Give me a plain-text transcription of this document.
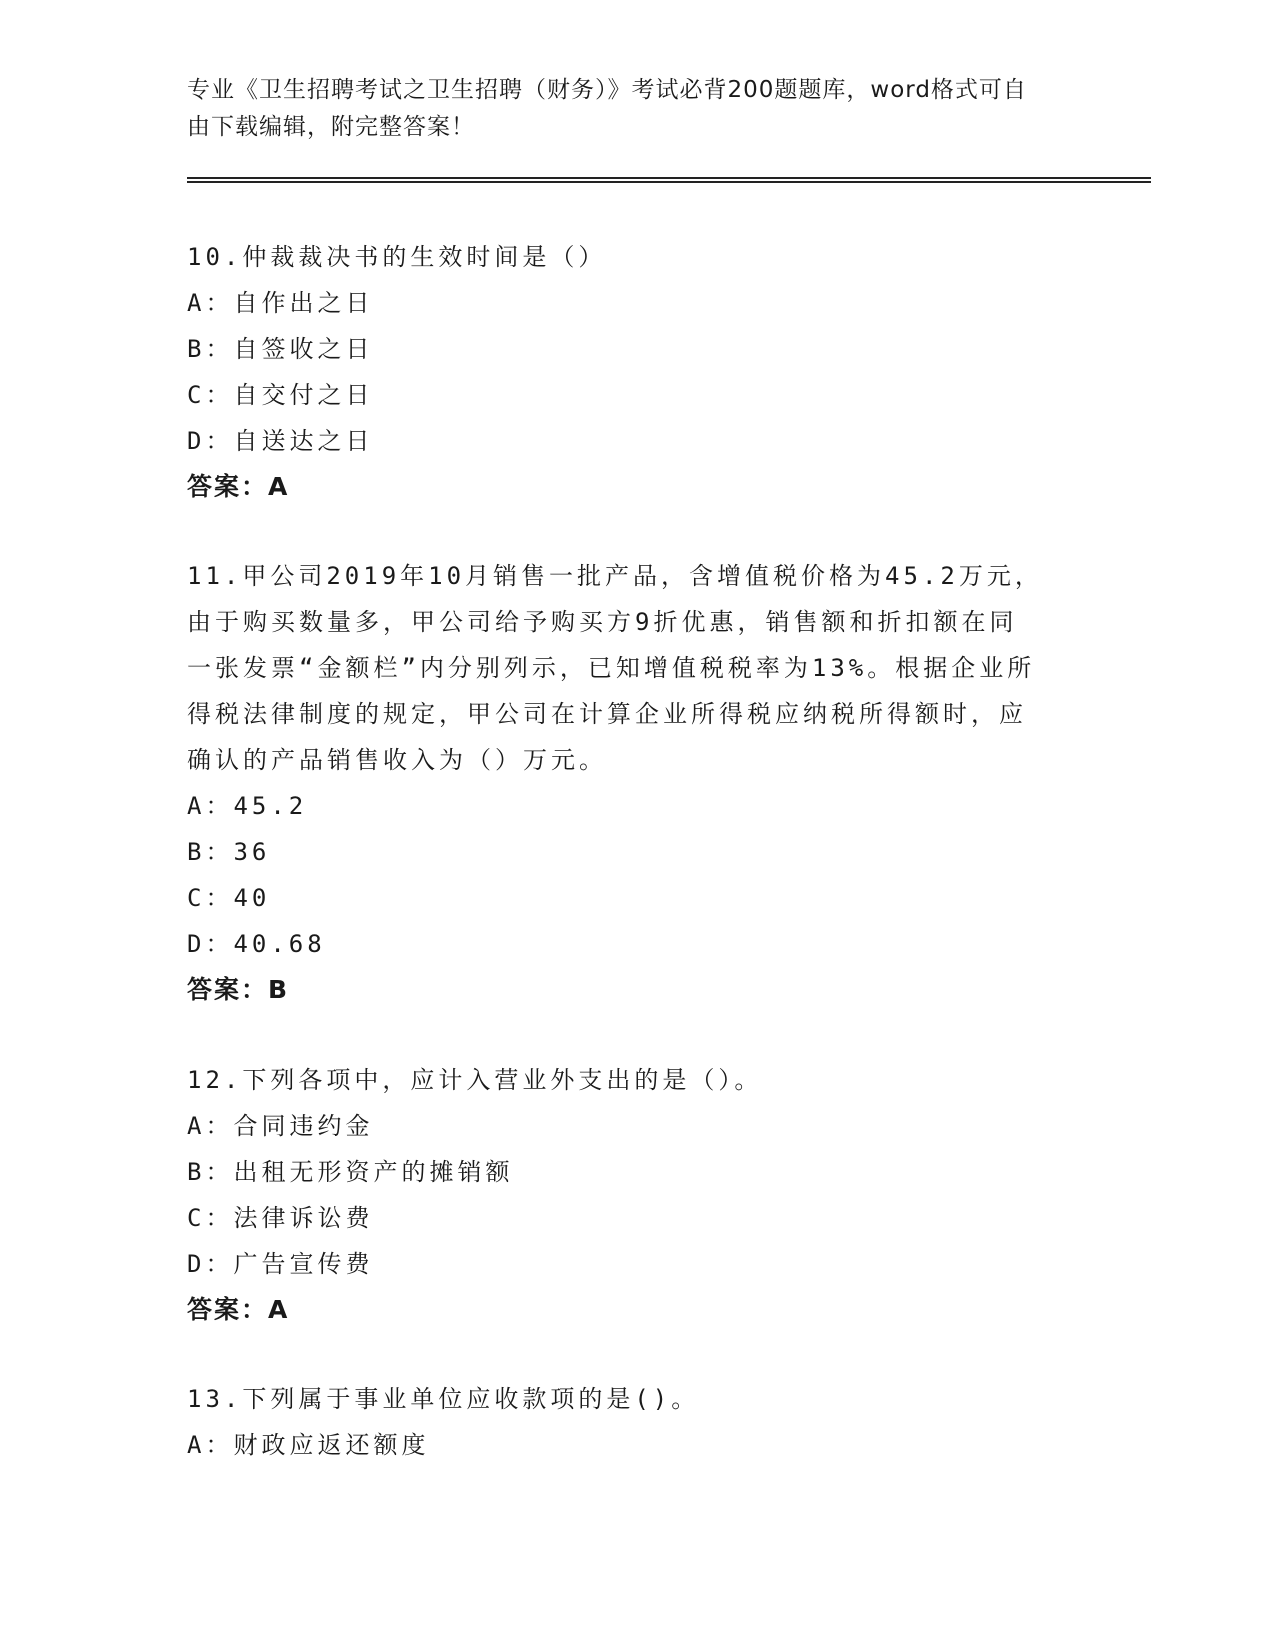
专业《卫生招聘考试之卫生招聘（财务）》考试必背200题题库，word格式可自
由下载编辑，附完整答案！
10.仲裁裁决书的生效时间是（）
A：自作出之日
B：自签收之日
C：自交付之日
D：自送达之日
答案：A
11.甲公司2019年10月销售一批产品，含增值税价格为45.2万元，
由于购买数量多，甲公司给予购买方9折优惠，销售额和折扣额在同
一张发票“金额栏”内分别列示，已知增值税税率为13%。根据企业所
得税法律制度的规定，甲公司在计算企业所得税应纳税所得额时，应
确认的产品销售收入为（）万元。
A：45.2
B：36
C：40
D：40.68
答案：B
12.下列各项中，应计入营业外支出的是（）。
A：合同违约金
B：出租无形资产的摊销额
C：法律诉讼费
D：广告宣传费
答案：A
13.下列属于事业单位应收款项的是()。
A：财政应返还额度
